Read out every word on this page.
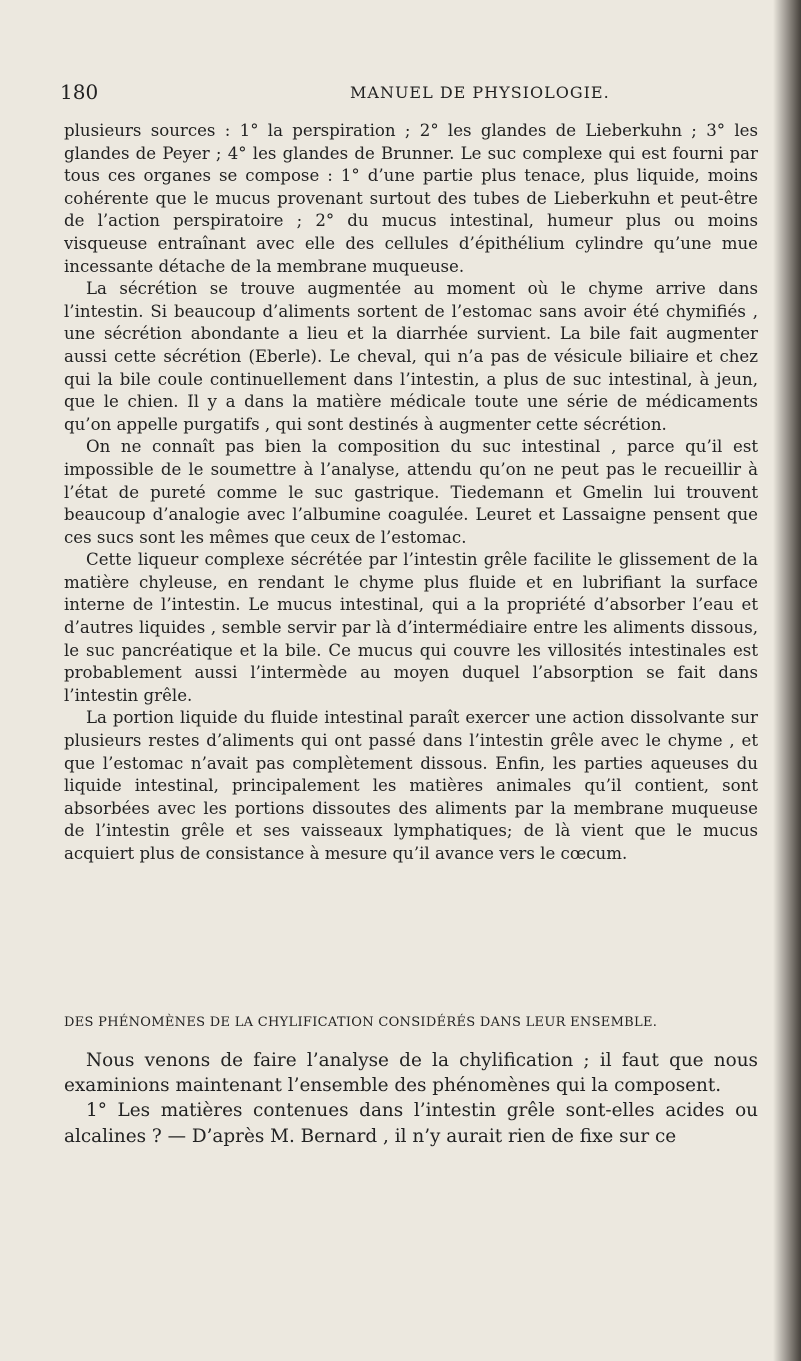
180	MANUEL DE PHYSIOLOGIE.

plusieurs sources : 1° la perspiration ; 2° les glandes de Lieberkuhn ; 3° les glandes de Peyer ; 4° les glandes de Brunner. Le suc complexe qui est fourni par tous ces organes se compose : 1° d’une partie plus tenace, plus liquide, moins cohérente que le mucus provenant surtout des tubes de Lieberkuhn et peut-être de l’action perspiratoire ; 2° du mucus intestinal, humeur plus ou moins visqueuse entraînant avec elle des cellules d’épithélium cylindre qu’une mue incessante détache de la membrane muqueuse.

La sécrétion se trouve augmentée au moment où le chyme arrive dans l’intestin. Si beaucoup d’aliments sortent de l’estomac sans avoir été chymifiés , une sécrétion abondante a lieu et la diarrhée survient. La bile fait augmenter aussi cette sécrétion (Eberle). Le cheval, qui n’a pas de vésicule biliaire et chez qui la bile coule continuellement dans l’intestin, a plus de suc intestinal, à jeun, que le chien. Il y a dans la matière médicale toute une série de médicaments qu’on appelle purgatifs , qui sont destinés à augmenter cette sécrétion.

On ne connaît pas bien la composition du suc intestinal , parce qu’il est impossible de le soumettre à l’analyse, attendu qu’on ne peut pas le recueillir à l’état de pureté comme le suc gastrique. Tiedemann et Gmelin lui trouvent beaucoup d’analogie avec l’albumine coagulée. Leuret et Lassaigne pensent que ces sucs sont les mêmes que ceux de l’estomac.

Cette liqueur complexe sécrétée par l’intestin grêle facilite le glissement de la matière chyleuse, en rendant le chyme plus fluide et en lubrifiant la surface interne de l’intestin. Le mucus intestinal, qui a la propriété d’absorber l’eau et d’autres liquides , semble servir par là d’intermédiaire entre les aliments dissous, le suc pancréatique et la bile. Ce mucus qui couvre les villosités intestinales est probablement aussi l’intermède au moyen duquel l’absorption se fait dans l’intestin grêle.

La portion liquide du fluide intestinal paraît exercer une action dissolvante sur plusieurs restes d’aliments qui ont passé dans l’intestin grêle avec le chyme , et que l’estomac n’avait pas complètement dissous. Enfin, les parties aqueuses du liquide intestinal, principalement les matières animales qu’il contient, sont absorbées avec les portions dissoutes des aliments par la membrane muqueuse de l’intestin grêle et ses vaisseaux lymphatiques; de là vient que le mucus acquiert plus de consistance à mesure qu’il avance vers le cœcum.

DES PHÉNOMÈNES DE LA CHYLIFICATION CONSIDÉRÉS DANS LEUR ENSEMBLE.

Nous venons de faire l’analyse de la chylification ; il faut que nous examinions maintenant l’ensemble des phénomènes qui la composent.

1° Les matières contenues dans l’intestin grêle sont-elles acides ou alcalines ? — D’après M. Bernard , il n’y aurait rien de fixe sur ce
